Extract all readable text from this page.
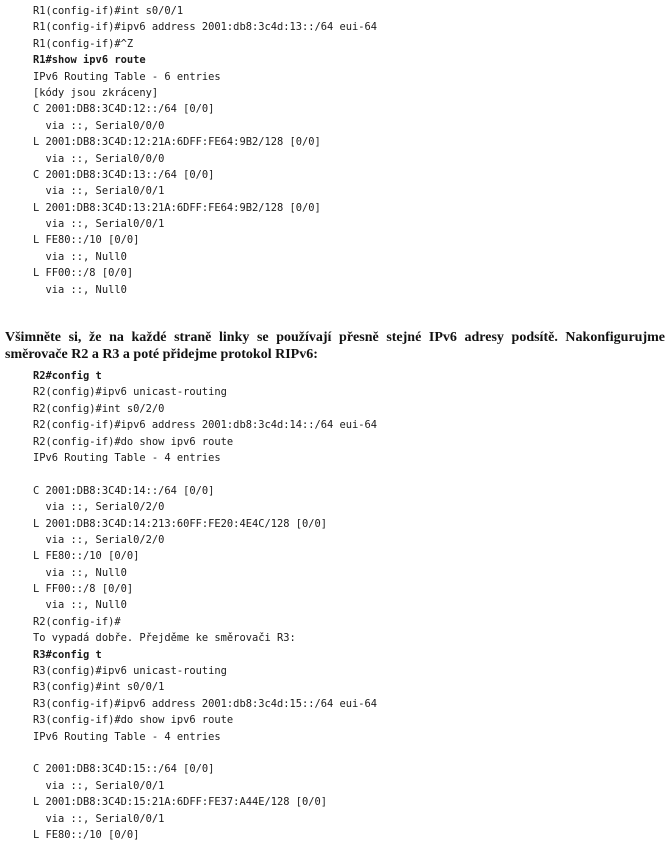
R1(config-if)#int s0/0/1
R1(config-if)#ipv6 address 2001:db8:3c4d:13::/64 eui-64
R1(config-if)#^Z
R1#show ipv6 route
IPv6 Routing Table - 6 entries
[kódy jsou zkráceny]
C 2001:DB8:3C4D:12::/64 [0/0]
via ::, Serial0/0/0
L 2001:DB8:3C4D:12:21A:6DFF:FE64:9B2/128 [0/0]
via ::, Serial0/0/0
C 2001:DB8:3C4D:13::/64 [0/0]
via ::, Serial0/0/1
L 2001:DB8:3C4D:13:21A:6DFF:FE64:9B2/128 [0/0]
via ::, Serial0/0/1
L FE80::/10 [0/0]
via ::, Null0
L FF00::/8 [0/0]
via ::, Null0

Všimněte si, že na každé straně linky se používají přesně stejné IPv6 adresy podsítě. Nakonfigurujme směrovače R2 a R3 a poté přidejme protokol RIPv6:

R2#config t
R2(config)#ipv6 unicast-routing
R2(config)#int s0/2/0
R2(config-if)#ipv6 address 2001:db8:3c4d:14::/64 eui-64
R2(config-if)#do show ipv6 route
IPv6 Routing Table - 4 entries
C 2001:DB8:3C4D:14::/64 [0/0]
via ::, Serial0/2/0
L 2001:DB8:3C4D:14:213:60FF:FE20:4E4C/128 [0/0]
via ::, Serial0/2/0
L FE80::/10 [0/0]
via ::, Null0
L FF00::/8 [0/0]
via ::, Null0
R2(config-if)#
To vypadá dobře. Přejděme ke směrovači R3:
R3#config t
R3(config)#ipv6 unicast-routing
R3(config)#int s0/0/1
R3(config-if)#ipv6 address 2001:db8:3c4d:15::/64 eui-64
R3(config-if)#do show ipv6 route
IPv6 Routing Table - 4 entries
C 2001:DB8:3C4D:15::/64 [0/0]
via ::, Serial0/0/1
L 2001:DB8:3C4D:15:21A:6DFF:FE37:A44E/128 [0/0]
via ::, Serial0/0/1
L FE80::/10 [0/0]
